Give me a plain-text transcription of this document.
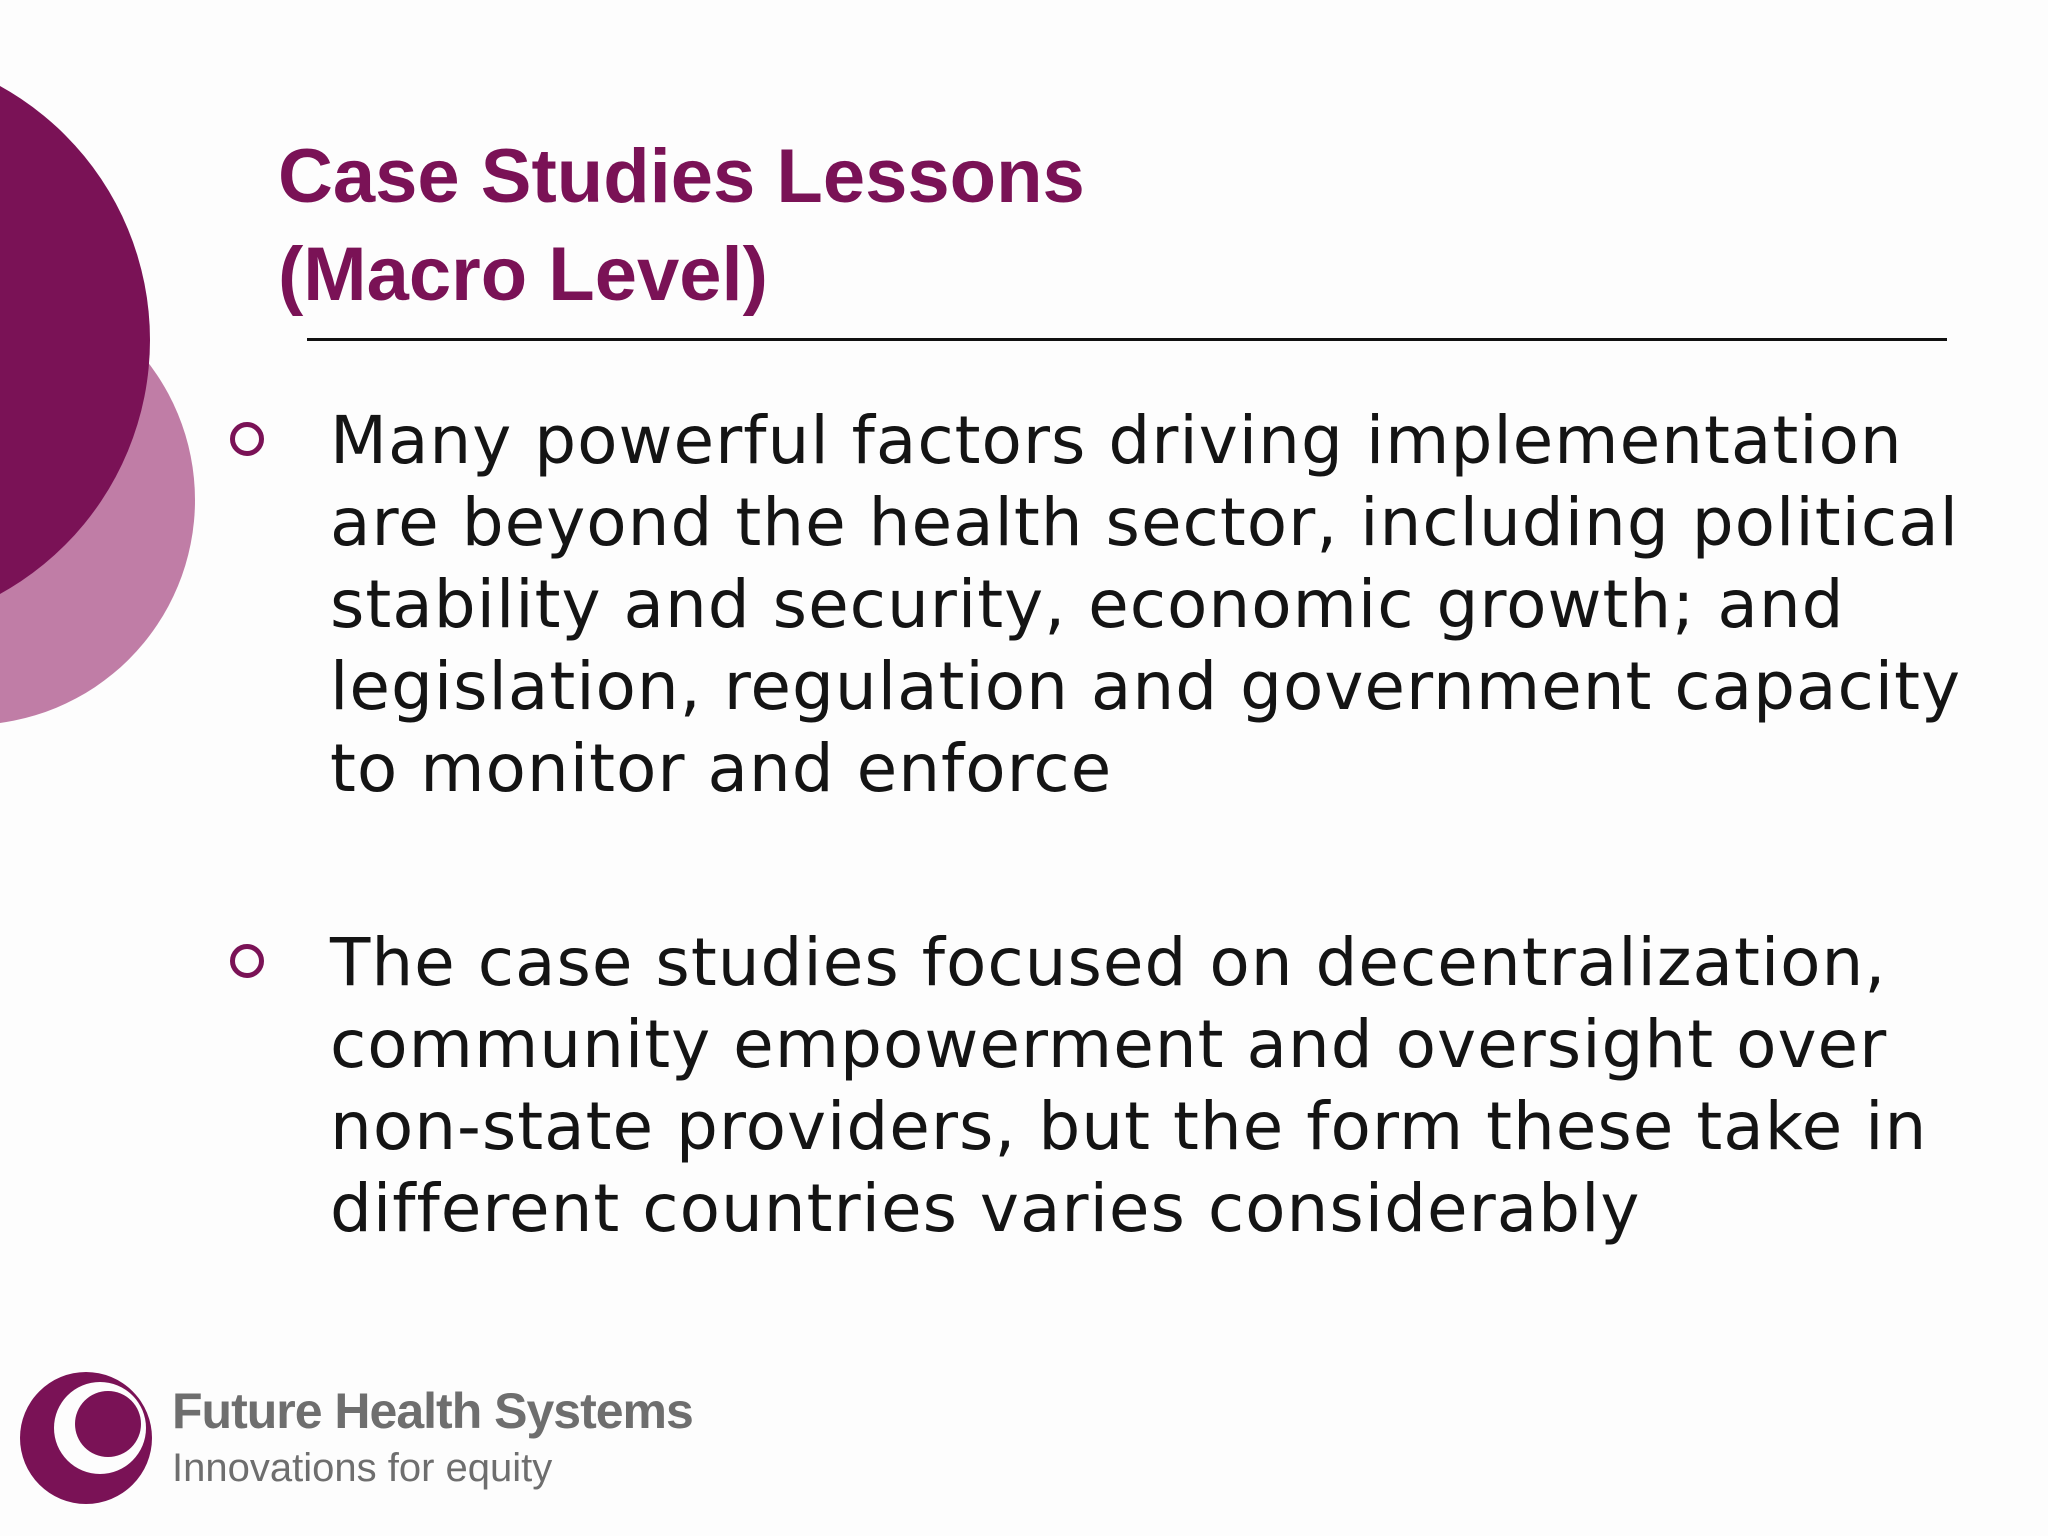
Case Studies Lessons
(Macro Level)
Many powerful factors driving implementation are beyond the health sector, including political stability and security, economic growth; and legislation, regulation and government capacity to monitor and enforce
The case studies focused on decentralization, community empowerment and oversight over non-state providers, but the form these take in different countries varies considerably
Future Health Systems
Innovations for equity
